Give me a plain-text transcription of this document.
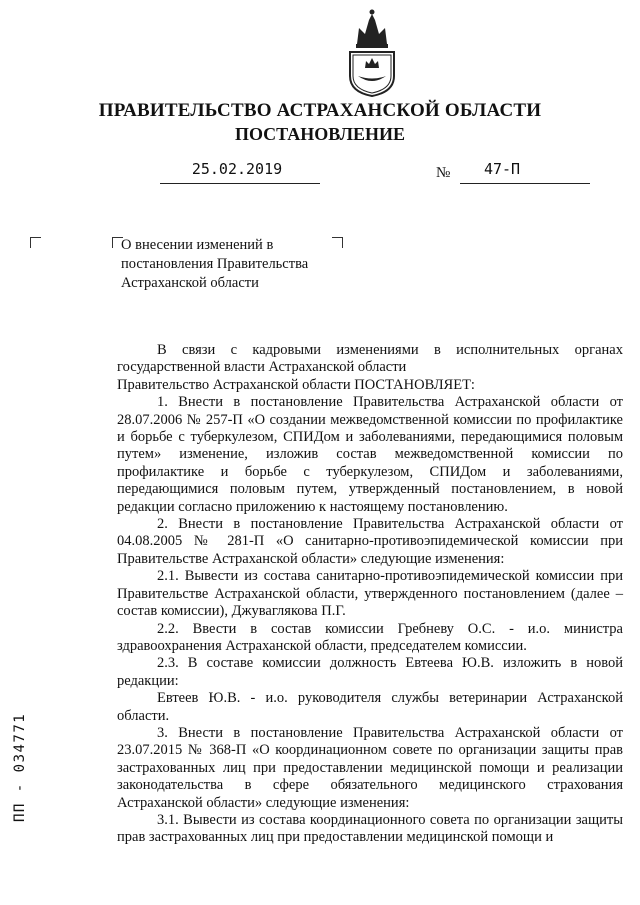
ПРАВИТЕЛЬСТВО АСТРАХАНСКОЙ ОБЛАСТИ
ПОСТАНОВЛЕНИЕ
25.02.2019	№	47-П
О внесении изменений в постановления Правительства Астраханской области

В связи с кадровыми изменениями в исполнительных органах государственной власти Астраханской области

Правительство Астраханской области ПОСТАНОВЛЯЕТ:

1. Внести в постановление Правительства Астраханской области от 28.07.2006 № 257-П «О создании межведомственной комиссии по профилактике и борьбе с туберкулезом, СПИДом и заболеваниями, передающимися половым путем» изменение, изложив состав межведомственной комиссии по профилактике и борьбе с туберкулезом, СПИДом и заболеваниями, передающимися половым путем, утвержденный постановлением, в новой редакции согласно приложению к настоящему постановлению.

2. Внести в постановление Правительства Астраханской области от 04.08.2005 № 281-П «О санитарно-противоэпидемической комиссии при Правительстве Астраханской области» следующие изменения:

2.1. Вывести из состава санитарно-противоэпидемической комиссии при Правительстве Астраханской области, утвержденного постановлением (далее – состав комиссии), Джуваглякова П.Г.

2.2. Ввести в состав комиссии Гребневу О.С. - и.о. министра здравоохранения Астраханской области, председателем комиссии.

2.3. В составе комиссии должность Евтеева Ю.В. изложить в новой редакции:

Евтеев Ю.В. - и.о. руководителя службы ветеринарии Астраханской области.

3. Внести в постановление Правительства Астраханской области от 23.07.2015 № 368-П «О координационном совете по организации защиты прав застрахованных лиц при предоставлении медицинской помощи и реализации законодательства в сфере обязательного медицинского страхования Астраханской области» следующие изменения:

3.1. Вывести из состава координационного совета по организации защиты прав застрахованных лиц при предоставлении медицинской помощи и

ПП - 034771
